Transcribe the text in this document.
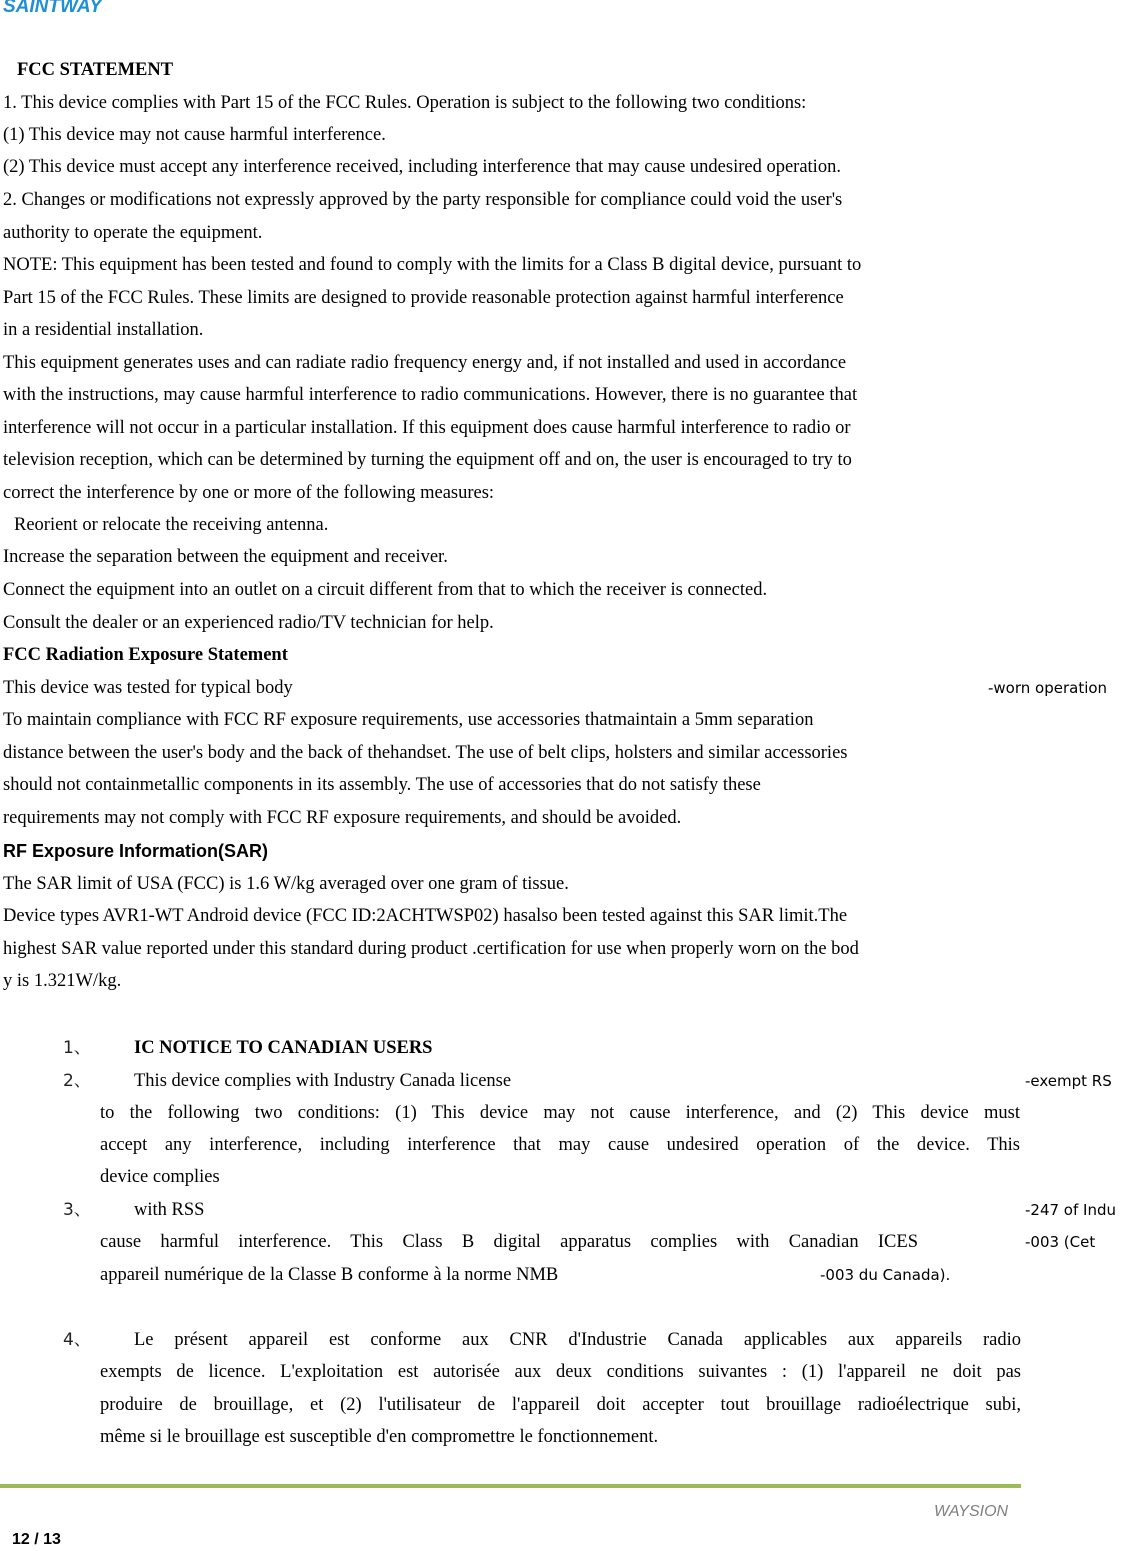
SAINTWAY
FCC STATEMENT
1. This device complies with Part 15 of the FCC Rules. Operation is subject to the following two conditions:
(1) This device may not cause harmful interference.
(2) This device must accept any interference received, including interference that may cause undesired operation.
2. Changes or modifications not expressly approved by the party responsible for compliance could void the user's
authority to operate the equipment.
NOTE: This equipment has been tested and found to comply with the limits for a Class B digital device, pursuant to
Part 15 of the FCC Rules. These limits are designed to provide reasonable protection against harmful interference
in a residential installation.
This equipment generates uses and can radiate radio frequency energy and, if not installed and used in accordance
with the instructions, may cause harmful interference to radio communications. However, there is no guarantee that
interference will not occur in a particular installation. If this equipment does cause harmful interference to radio or
television reception, which can be determined by turning the equipment off and on, the user is encouraged to try to
correct the interference by one or more of the following measures:
Reorient or relocate the receiving antenna.
Increase the separation between the equipment and receiver.
Connect the equipment into an outlet on a circuit different from that to which the receiver is connected.
Consult the dealer or an experienced radio/TV technician for help.
FCC Radiation Exposure Statement
This device was tested for typical body	-worn operation
To maintain compliance with FCC RF exposure requirements, use accessories thatmaintain a 5mm separation
distance between the user's body and the back of thehandset. The use of belt clips, holsters and similar accessories
should not containmetallic components in its assembly. The use of accessories that do not satisfy these
requirements may not comply with FCC RF exposure requirements, and should be avoided.
RF Exposure Information(SAR)
The SAR limit of USA (FCC) is 1.6 W/kg averaged over one gram of tissue.
Device types AVR1-WT Android device (FCC ID:2ACHTWSP02) hasalso been tested against this SAR limit.The
highest SAR value reported under this standard during product .certification for use when properly worn on the bod
y is 1.321W/kg.
1、 IC NOTICE TO CANADIAN USERS
2、 This device complies with Industry Canada license	-exempt RS
to the following two conditions: (1) This device may not cause interference, and (2) This device must
accept any interference, including interference that may cause undesired operation of the device. This
device complies
3、 with RSS	-247 of Indu
cause harmful interference. This Class B digital apparatus complies with Canadian ICES	-003 (Cet
appareil numérique de la Classe B conforme à la norme NMB	-003 du Canada).
4、 Le présent appareil est conforme aux CNR d'Industrie Canada applicables aux appareils radio
exempts de licence. L'exploitation est autorisée aux deux conditions suivantes : (1) l'appareil ne doit pas
produire de brouillage, et (2) l'utilisateur de l'appareil doit accepter tout brouillage radioélectrique subi,
même si le brouillage est susceptible d'en compromettre le fonctionnement.
WAYSION
12 / 13
